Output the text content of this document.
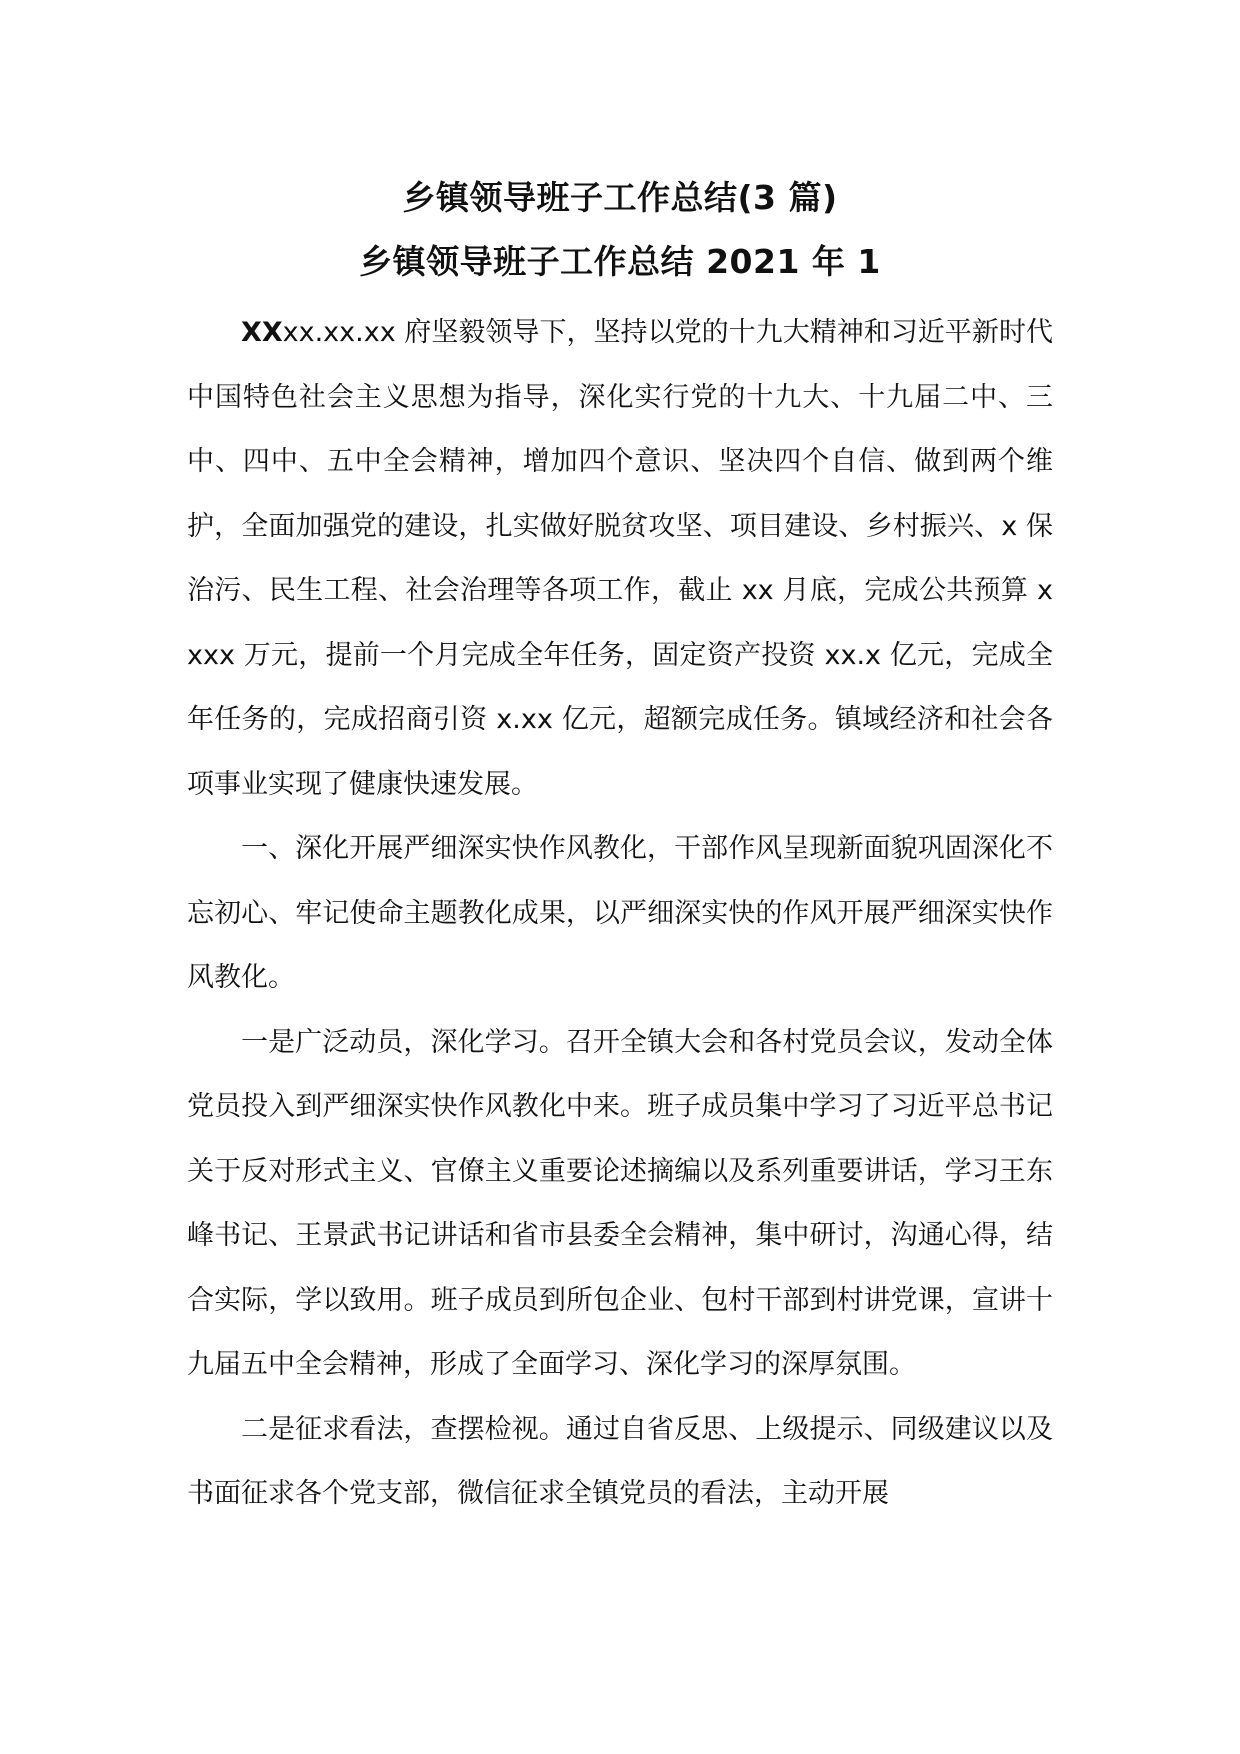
乡镇领导班子工作总结(3 篇)
乡镇领导班子工作总结 2021 年 1

XXxx.xx.xx 府坚毅领导下，坚持以党的十九大精神和习近平新时代中国特色社会主义思想为指导，深化实行党的十九大、十九届二中、三中、四中、五中全会精神，增加四个意识、坚决四个自信、做到两个维护，全面加强党的建设，扎实做好脱贫攻坚、项目建设、乡村振兴、x 保治污、民生工程、社会治理等各项工作，截止 xx 月底，完成公共预算 xxxx 万元，提前一个月完成全年任务，固定资产投资 xx.x 亿元，完成全年任务的，完成招商引资 x.xx 亿元，超额完成任务。镇域经济和社会各项事业实现了健康快速发展。

一、深化开展严细深实快作风教化，干部作风呈现新面貌巩固深化不忘初心、牢记使命主题教化成果，以严细深实快的作风开展严细深实快作风教化。

一是广泛动员，深化学习。召开全镇大会和各村党员会议，发动全体党员投入到严细深实快作风教化中来。班子成员集中学习了习近平总书记关于反对形式主义、官僚主义重要论述摘编以及系列重要讲话，学习王东峰书记、王景武书记讲话和省市县委全会精神，集中研讨，沟通心得，结合实际，学以致用。班子成员到所包企业、包村干部到村讲党课，宣讲十九届五中全会精神，形成了全面学习、深化学习的深厚氛围。

二是征求看法，查摆检视。通过自省反思、上级提示、同级建议以及书面征求各个党支部，微信征求全镇党员的看法，主动开展
